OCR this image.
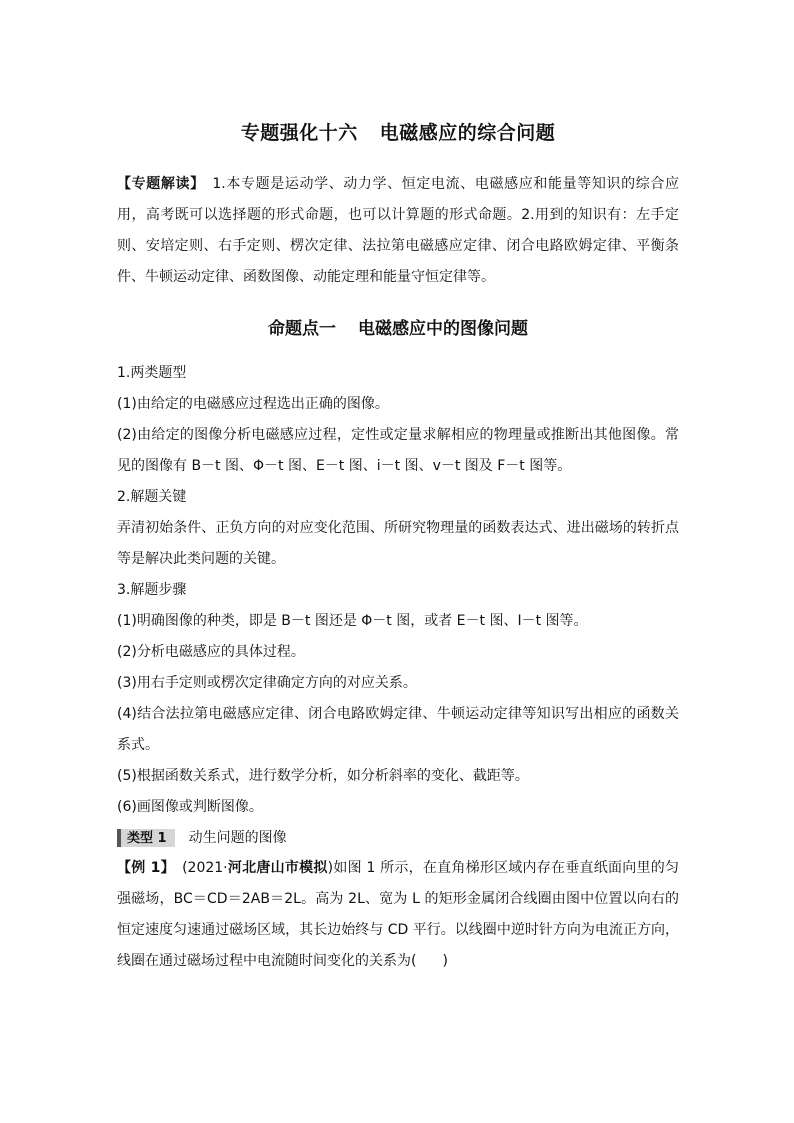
专题强化十六 电磁感应的综合问题
【专题解读】　1.本专题是运动学、动力学、恒定电流、电磁感应和能量等知识的综合应用，高考既可以选择题的形式命题，也可以计算题的形式命题。2.用到的知识有：左手定则、安培定则、右手定则、楞次定律、法拉第电磁感应定律、闭合电路欧姆定律、平衡条件、牛顿运动定律、函数图像、动能定理和能量守恒定律等。
命题点一 电磁感应中的图像问题
1.两类题型
(1)由给定的电磁感应过程选出正确的图像。
(2)由给定的图像分析电磁感应过程，定性或定量求解相应的物理量或推断出其他图像。常见的图像有 B－t 图、Φ－t 图、E－t 图、i－t 图、v－t 图及 F－t 图等。
2.解题关键
弄清初始条件、正负方向的对应变化范围、所研究物理量的函数表达式、进出磁场的转折点等是解决此类问题的关键。
3.解题步骤
(1)明确图像的种类，即是 B－t 图还是 Φ－t 图，或者 E－t 图、I－t 图等。
(2)分析电磁感应的具体过程。
(3)用右手定则或楞次定律确定方向的对应关系。
(4)结合法拉第电磁感应定律、闭合电路欧姆定律、牛顿运动定律等知识写出相应的函数关系式。
(5)根据函数关系式，进行数学分析，如分析斜率的变化、截距等。
(6)画图像或判断图像。
类型 1	动生问题的图像
【例 1】　(2021·河北唐山市模拟)如图 1 所示，在直角梯形区域内存在垂直纸面向里的匀强磁场，BC＝CD＝2AB＝2L。高为 2L、宽为 L 的矩形金属闭合线圈由图中位置以向右的恒定速度匀速通过磁场区域，其长边始终与 CD 平行。以线圈中逆时针方向为电流正方向，线圈在通过磁场过程中电流随时间变化的关系为( )
